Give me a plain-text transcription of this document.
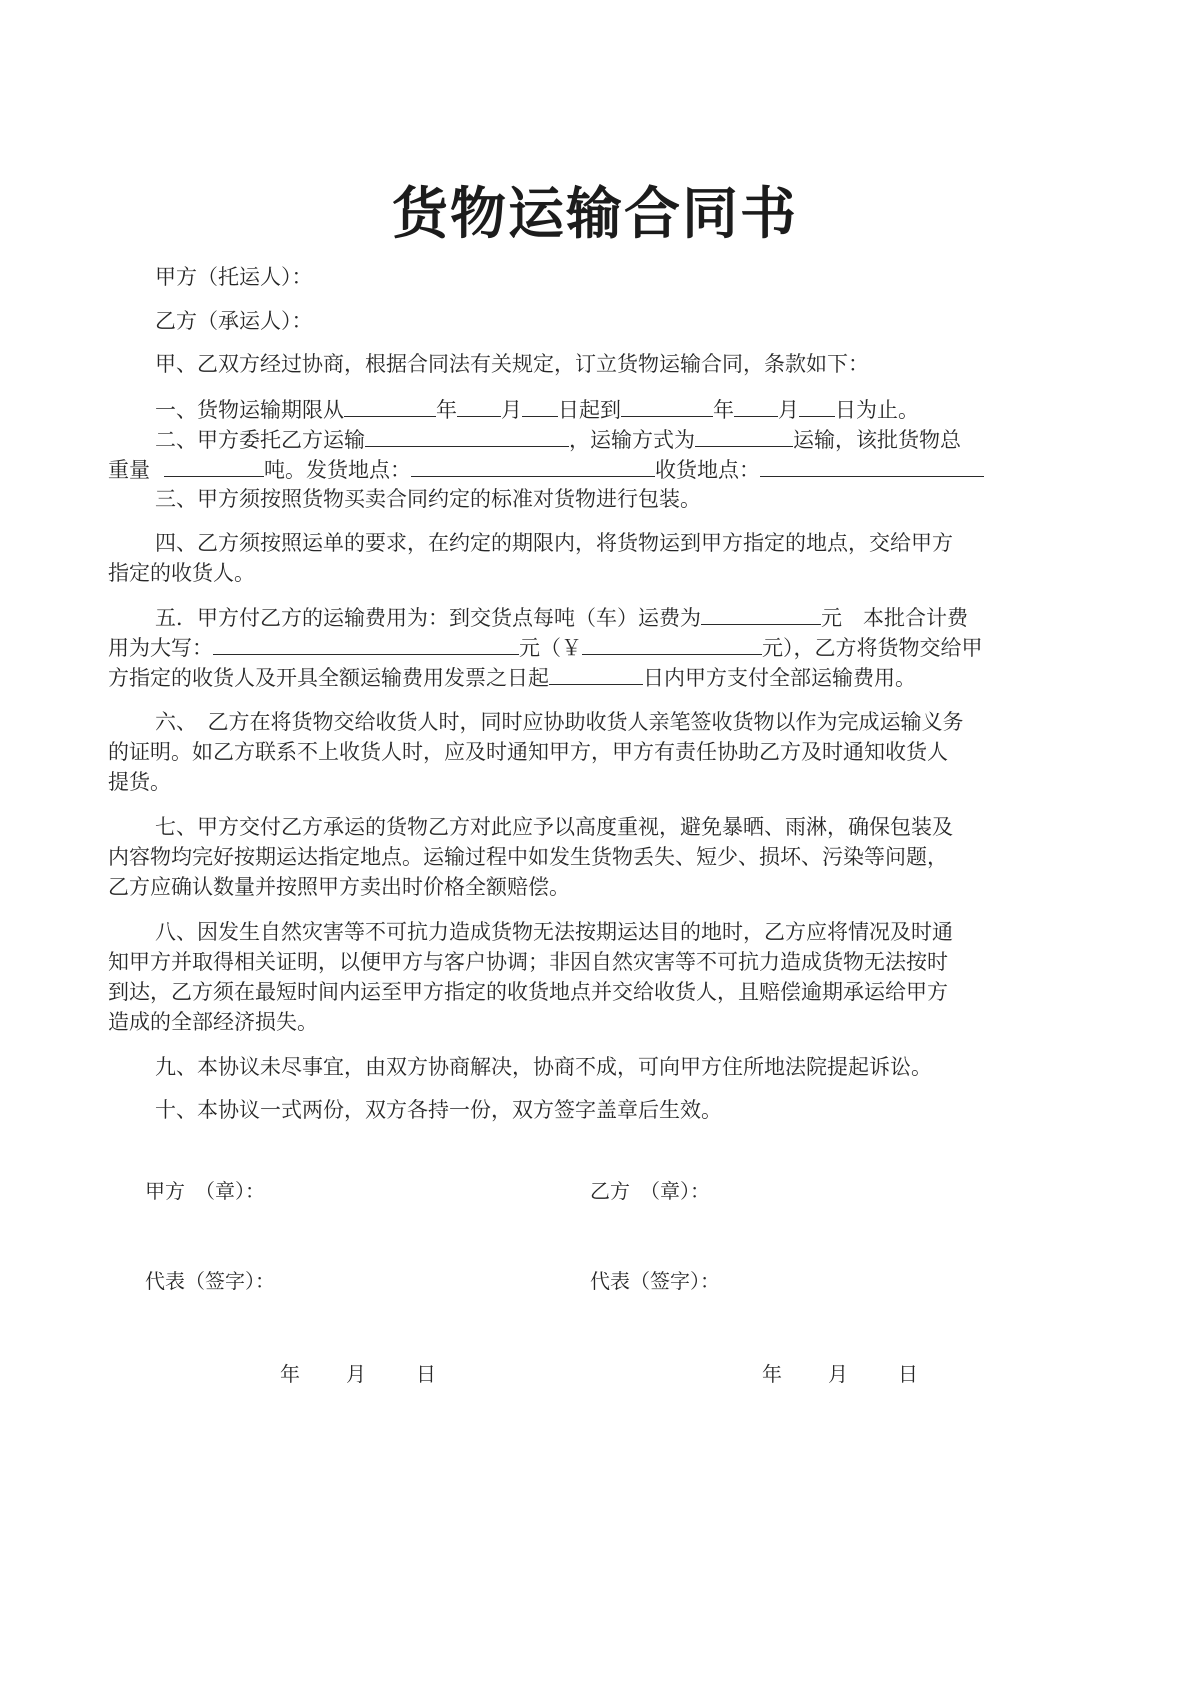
货物运输合同书
甲方（托运人）：
乙方（承运人）：
甲、乙双方经过协商，根据合同法有关规定，订立货物运输合同，条款如下：
一、货物运输期限从	年 月 日起到	年 月 日为止。
二、甲方委托乙方运输	，运输方式为	运输，该批货物总
重量	吨。发货地点：	收货地点：
三、甲方须按照货物买卖合同约定的标准对货物进行包装。
四、乙方须按照运单的要求，在约定的期限内，将货物运到甲方指定的地点，交给甲方
指定的收货人。
五．甲方付乙方的运输费用为：到交货点每吨（车）运费为	元　本批合计费
用为大写：	元（￥	元），乙方将货物交给甲
方指定的收货人及开具全额运输费用发票之日起	日内甲方支付全部运输费用。
六、　乙方在将货物交给收货人时，同时应协助收货人亲笔签收货物以作为完成运输义务
的证明。如乙方联系不上收货人时，应及时通知甲方，甲方有责任协助乙方及时通知收货人
提货。
七、甲方交付乙方承运的货物乙方对此应予以高度重视，避免暴晒、雨淋，确保包装及
内容物均完好按期运达指定地点。运输过程中如发生货物丢失、短少、损坏、污染等问题，
乙方应确认数量并按照甲方卖出时价格全额赔偿。
八、因发生自然灾害等不可抗力造成货物无法按期运达目的地时，乙方应将情况及时通
知甲方并取得相关证明，以便甲方与客户协调；非因自然灾害等不可抗力造成货物无法按时
到达，乙方须在最短时间内运至甲方指定的收货地点并交给收货人，且赔偿逾期承运给甲方
造成的全部经济损失。
九、本协议未尽事宜，由双方协商解决，协商不成，可向甲方住所地法院提起诉讼。
十、本协议一式两份，双方各持一份，双方签字盖章后生效。
甲方　（章）：	乙方　（章）：
代表（签字）：	代表（签字）：
年 月	日	年 月	日
